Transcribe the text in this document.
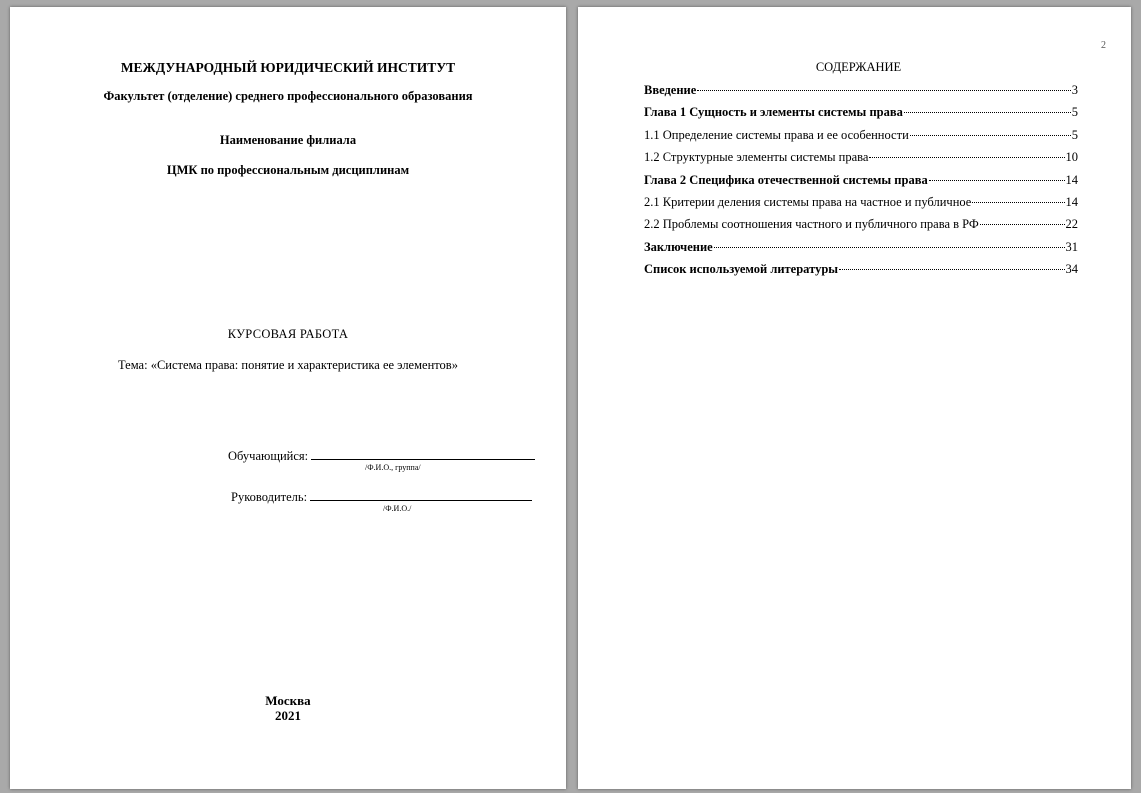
МЕЖДУНАРОДНЫЙ ЮРИДИЧЕСКИЙ ИНСТИТУТ
Факультет (отделение) среднего профессионального образования
Наименование филиала
ЦМК по профессиональным дисциплинам
КУРСОВАЯ РАБОТА
Тема: «Система права: понятие и характеристика ее элементов»
Обучающийся:
/Ф.И.О., группа/
Руководитель:
/Ф.И.О./
Москва
2021
2
СОДЕРЖАНИЕ
Введение	3
Глава 1 Сущность и элементы системы права	5
1.1 Определение системы права и ее особенности	5
1.2 Структурные элементы системы права	10
Глава 2 Специфика отечественной системы права	14
2.1 Критерии деления системы права на частное и публичное	14
2.2 Проблемы соотношения частного и публичного права в РФ	22
Заключение	31
Список используемой литературы	34
